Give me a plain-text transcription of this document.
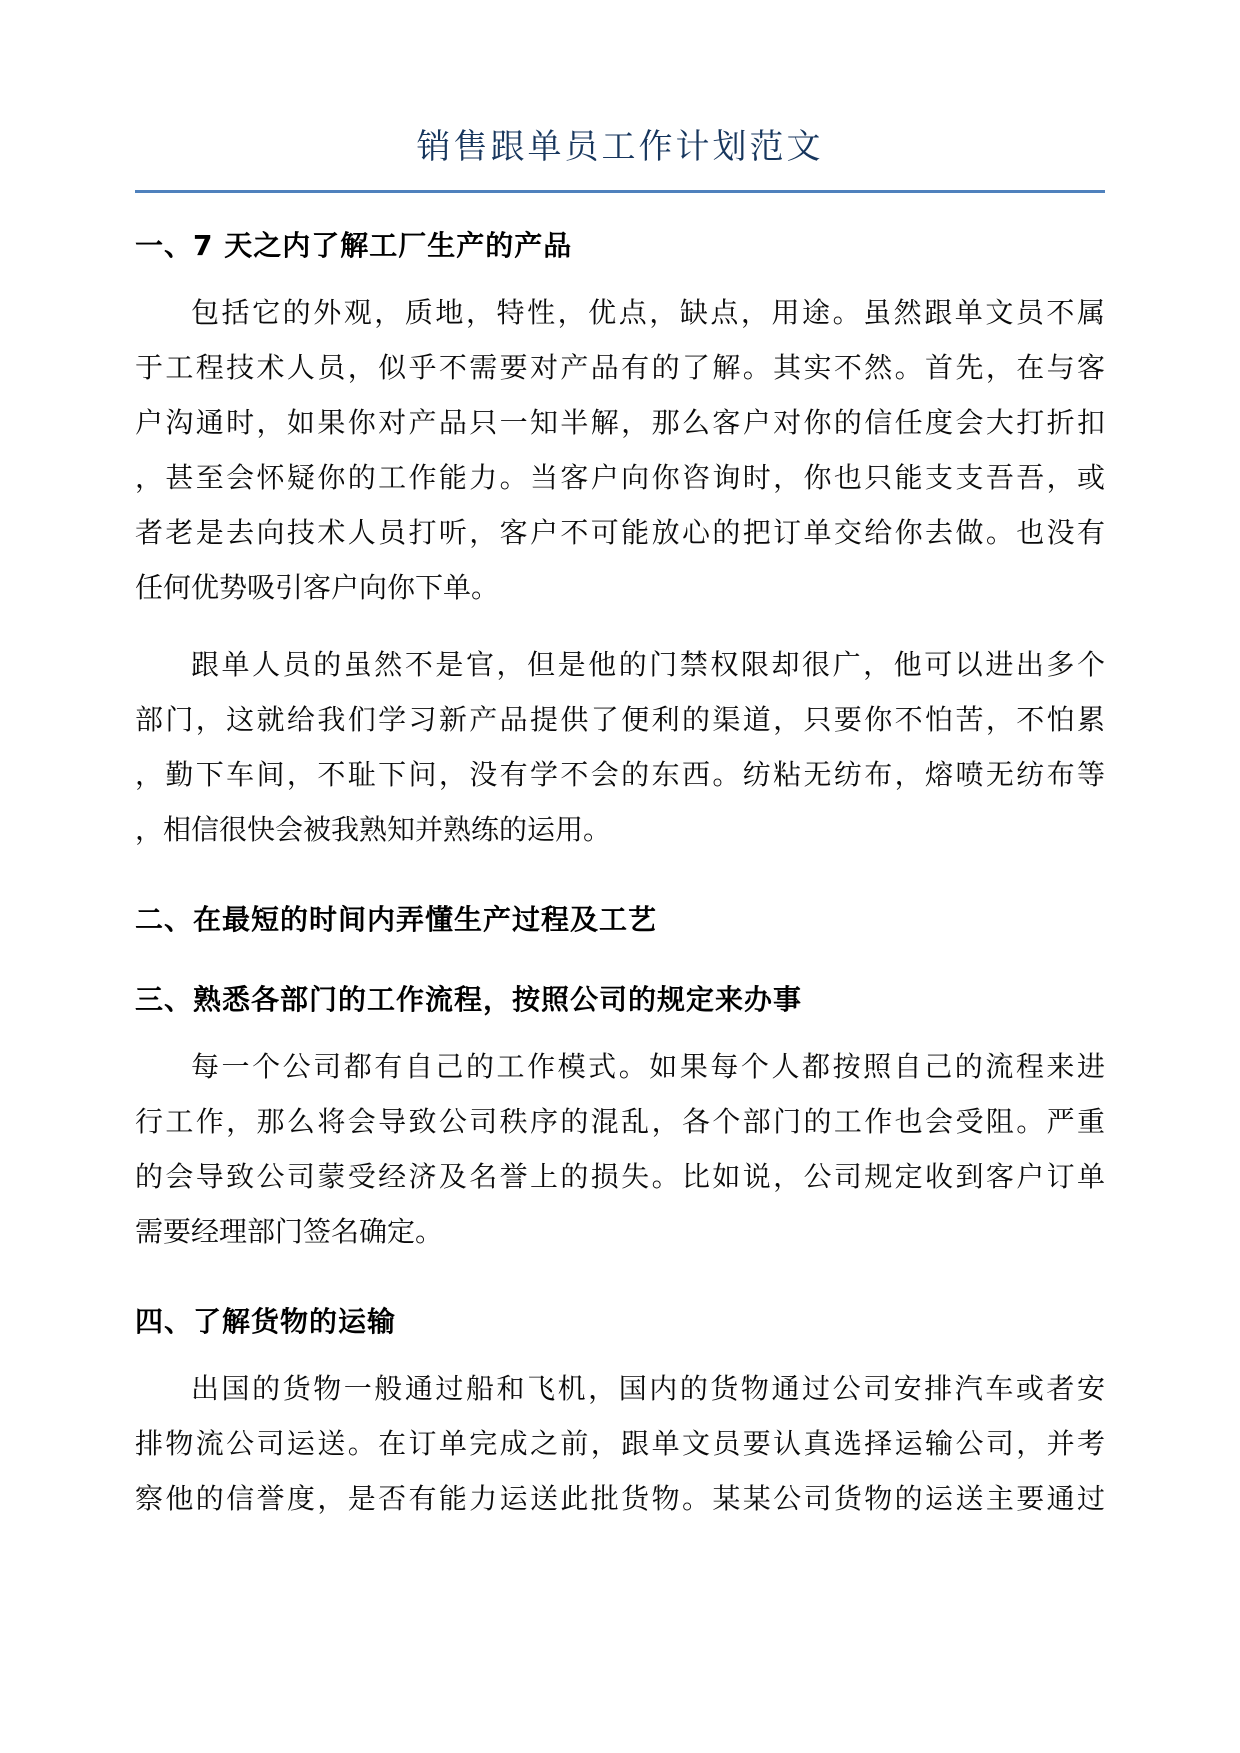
销售跟单员工作计划范文
一、7 天之内了解工厂生产的产品
包括它的外观，质地，特性，优点，缺点，用途。虽然跟单文员不属
于工程技术人员，似乎不需要对产品有的了解。其实不然。首先，在与客
户沟通时，如果你对产品只一知半解，那么客户对你的信任度会大打折扣
，甚至会怀疑你的工作能力。当客户向你咨询时，你也只能支支吾吾，或
者老是去向技术人员打听，客户不可能放心的把订单交给你去做。也没有
任何优势吸引客户向你下单。
跟单人员的虽然不是官，但是他的门禁权限却很广，他可以进出多个
部门，这就给我们学习新产品提供了便利的渠道，只要你不怕苦，不怕累
，勤下车间，不耻下问，没有学不会的东西。纺粘无纺布，熔喷无纺布等
，相信很快会被我熟知并熟练的运用。
二、在最短的时间内弄懂生产过程及工艺
三、熟悉各部门的工作流程，按照公司的规定来办事
每一个公司都有自己的工作模式。如果每个人都按照自己的流程来进
行工作，那么将会导致公司秩序的混乱，各个部门的工作也会受阻。严重
的会导致公司蒙受经济及名誉上的损失。比如说，公司规定收到客户订单
需要经理部门签名确定。
四、了解货物的运输
出国的货物一般通过船和飞机，国内的货物通过公司安排汽车或者安
排物流公司运送。在订单完成之前，跟单文员要认真选择运输公司，并考
察他的信誉度，是否有能力运送此批货物。某某公司货物的运送主要通过
